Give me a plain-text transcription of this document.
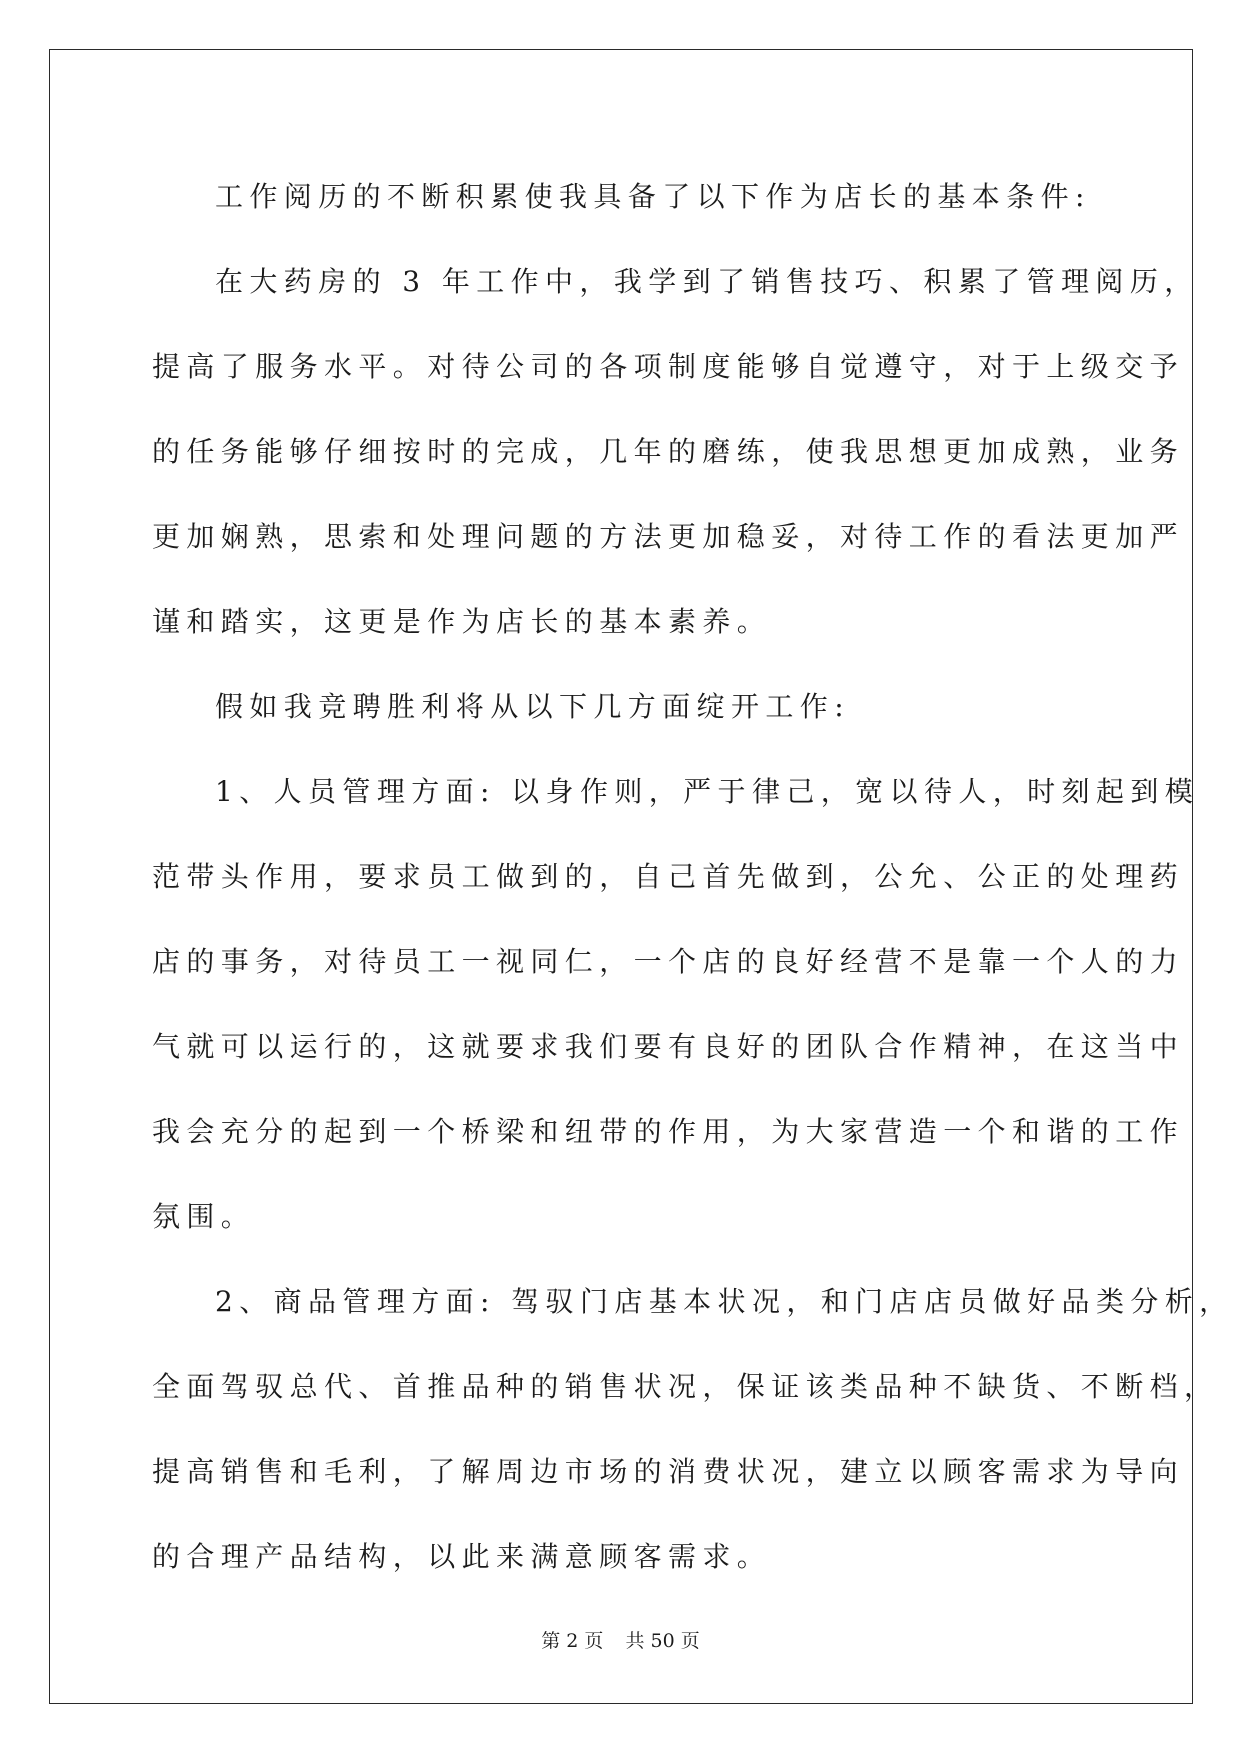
工作阅历的不断积累使我具备了以下作为店长的基本条件:
在大药房的 3 年工作中，我学到了销售技巧、积累了管理阅历，
提高了服务水平。对待公司的各项制度能够自觉遵守，对于上级交予
的任务能够仔细按时的完成，几年的磨练，使我思想更加成熟，业务
更加娴熟，思索和处理问题的方法更加稳妥，对待工作的看法更加严
谨和踏实，这更是作为店长的基本素养。
假如我竞聘胜利将从以下几方面绽开工作:
1、人员管理方面: 以身作则，严于律己，宽以待人，时刻起到模
范带头作用，要求员工做到的，自己首先做到，公允、公正的处理药
店的事务，对待员工一视同仁，一个店的良好经营不是靠一个人的力
气就可以运行的，这就要求我们要有良好的团队合作精神，在这当中
我会充分的起到一个桥梁和纽带的作用，为大家营造一个和谐的工作
氛围。
2、商品管理方面: 驾驭门店基本状况，和门店店员做好品类分析，
全面驾驭总代、首推品种的销售状况，保证该类品种不缺货、不断档，
提高销售和毛利，了解周边市场的消费状况，建立以顾客需求为导向
的合理产品结构，以此来满意顾客需求。
第 2 页 共 50 页
